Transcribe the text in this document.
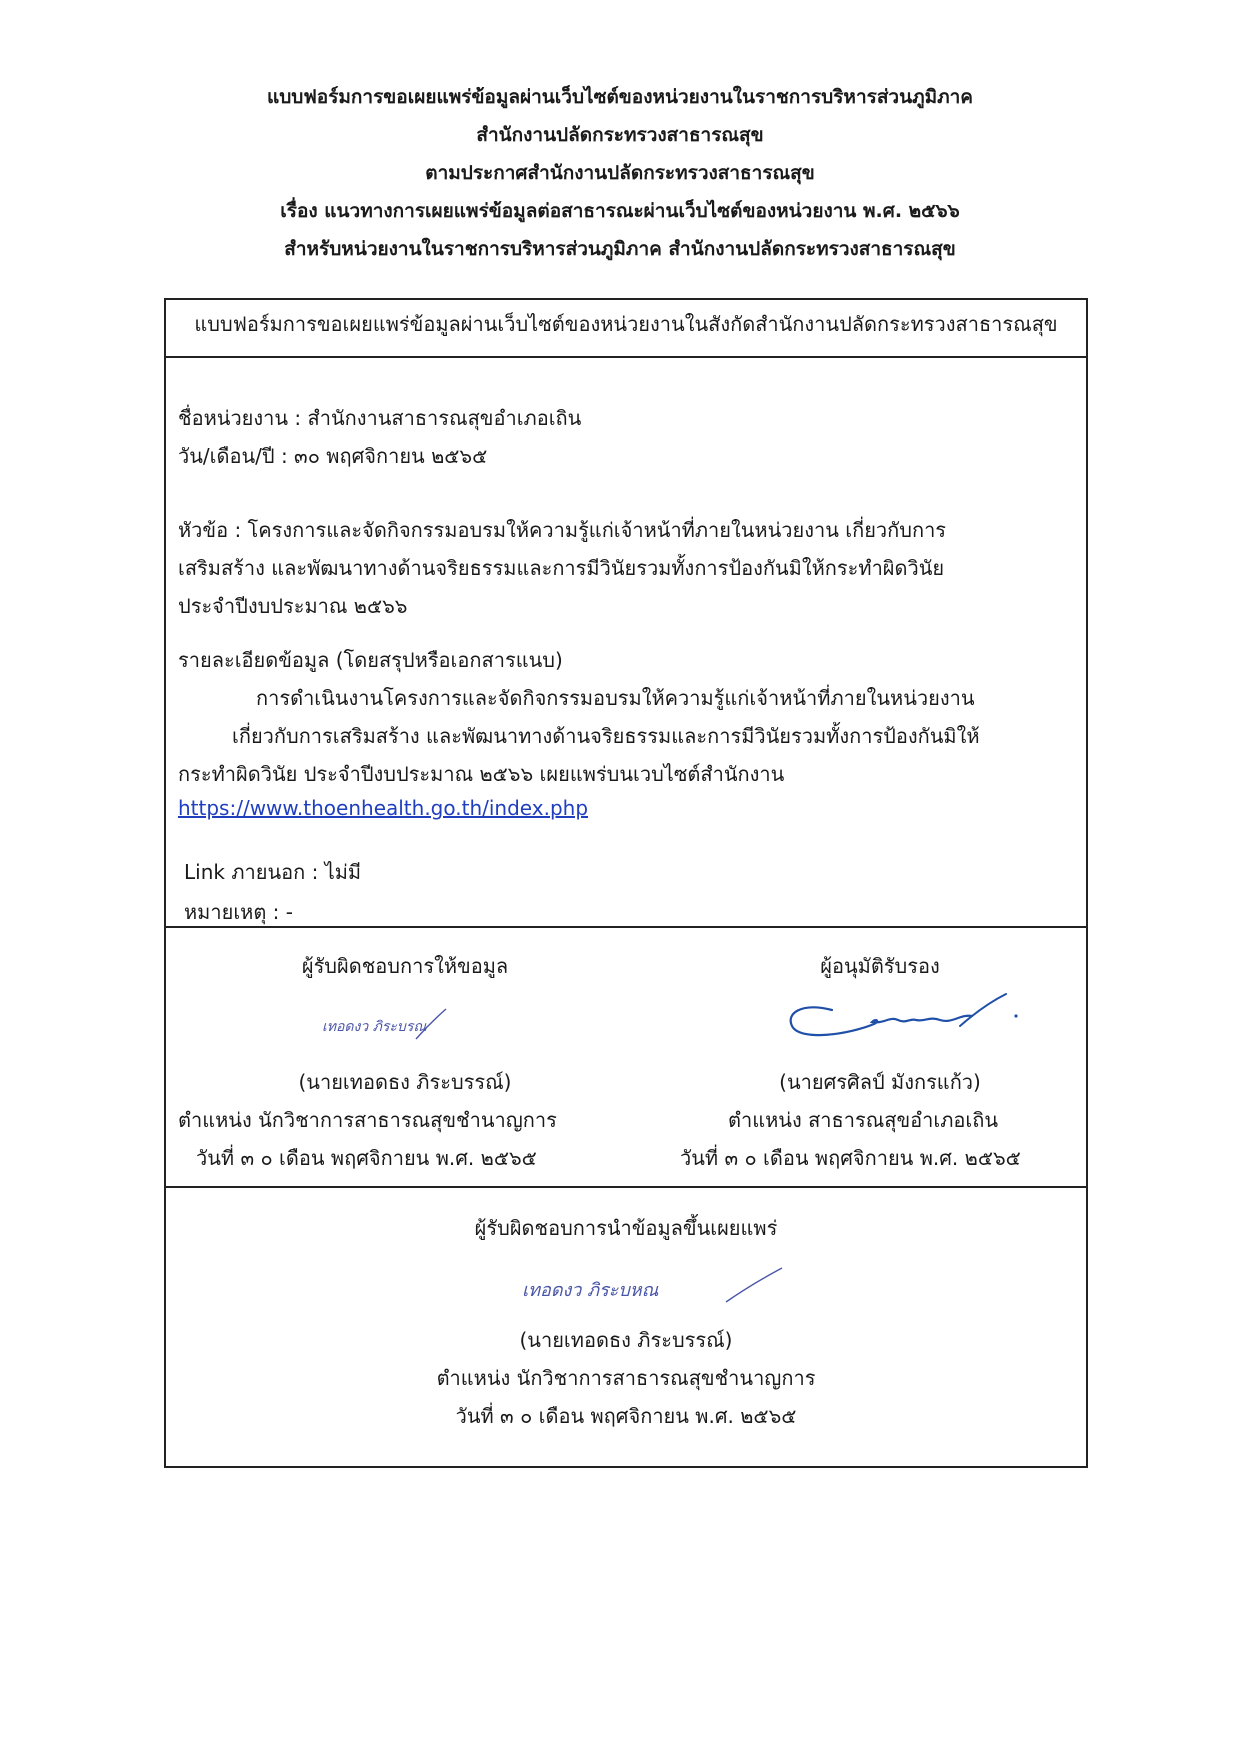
แบบฟอร์มการขอเผยแพร่ข้อมูลผ่านเว็บไซต์ของหน่วยงานในราชการบริหารส่วนภูมิภาค
สำนักงานปลัดกระทรวงสาธารณสุข
ตามประกาศสำนักงานปลัดกระทรวงสาธารณสุข
เรื่อง แนวทางการเผยแพร่ข้อมูลต่อสาธารณะผ่านเว็บไซต์ของหน่วยงาน พ.ศ. ๒๕๖๖
สำหรับหน่วยงานในราชการบริหารส่วนภูมิภาค สำนักงานปลัดกระทรวงสาธารณสุข
แบบฟอร์มการขอเผยแพร่ข้อมูลผ่านเว็บไซต์ของหน่วยงานในสังกัดสำนักงานปลัดกระทรวงสาธารณสุข
ชื่อหน่วยงาน : สำนักงานสาธารณสุขอำเภอเถิน
วัน/เดือน/ปี : ๓๐ พฤศจิกายน ๒๕๖๕
หัวข้อ : โครงการและจัดกิจกรรมอบรมให้ความรู้แก่เจ้าหน้าที่ภายในหน่วยงาน เกี่ยวกับการ
เสริมสร้าง และพัฒนาทางด้านจริยธรรมและการมีวินัยรวมทั้งการป้องกันมิให้กระทำผิดวินัย
ประจำปีงบประมาณ ๒๕๖๖
รายละเอียดข้อมูล (โดยสรุปหรือเอกสารแนบ)
การดำเนินงานโครงการและจัดกิจกรรมอบรมให้ความรู้แก่เจ้าหน้าที่ภายในหน่วยงาน
เกี่ยวกับการเสริมสร้าง และพัฒนาทางด้านจริยธรรมและการมีวินัยรวมทั้งการป้องกันมิให้
กระทำผิดวินัย ประจำปีงบประมาณ ๒๕๖๖ เผยแพร่บนเวบไซต์สำนักงาน
https://www.thoenhealth.go.th/index.php
Link ภายนอก : ไม่มี
หมายเหตุ : -
ผู้รับผิดชอบการให้ขอมูล
เทอดงว ภิระบรณ
(นายเทอดธง ภิระบรรณ์)
ตำแหน่ง นักวิชาการสาธารณสุขชำนาญการ
วันที่ ๓ ๐ เดือน พฤศจิกายน พ.ศ. ๒๕๖๕
ผู้อนุมัติรับรอง
(นายศรศิลป์ มังกรแก้ว)
ตำแหน่ง สาธารณสุขอำเภอเถิน
วันที่ ๓ ๐ เดือน พฤศจิกายน พ.ศ. ๒๕๖๕
ผู้รับผิดชอบการนำข้อมูลขึ้นเผยแพร่
เทอดงว ภิระบหณ
(นายเทอดธง ภิระบรรณ์)
ตำแหน่ง นักวิชาการสาธารณสุขชำนาญการ
วันที่ ๓ ๐ เดือน พฤศจิกายน พ.ศ. ๒๕๖๕
